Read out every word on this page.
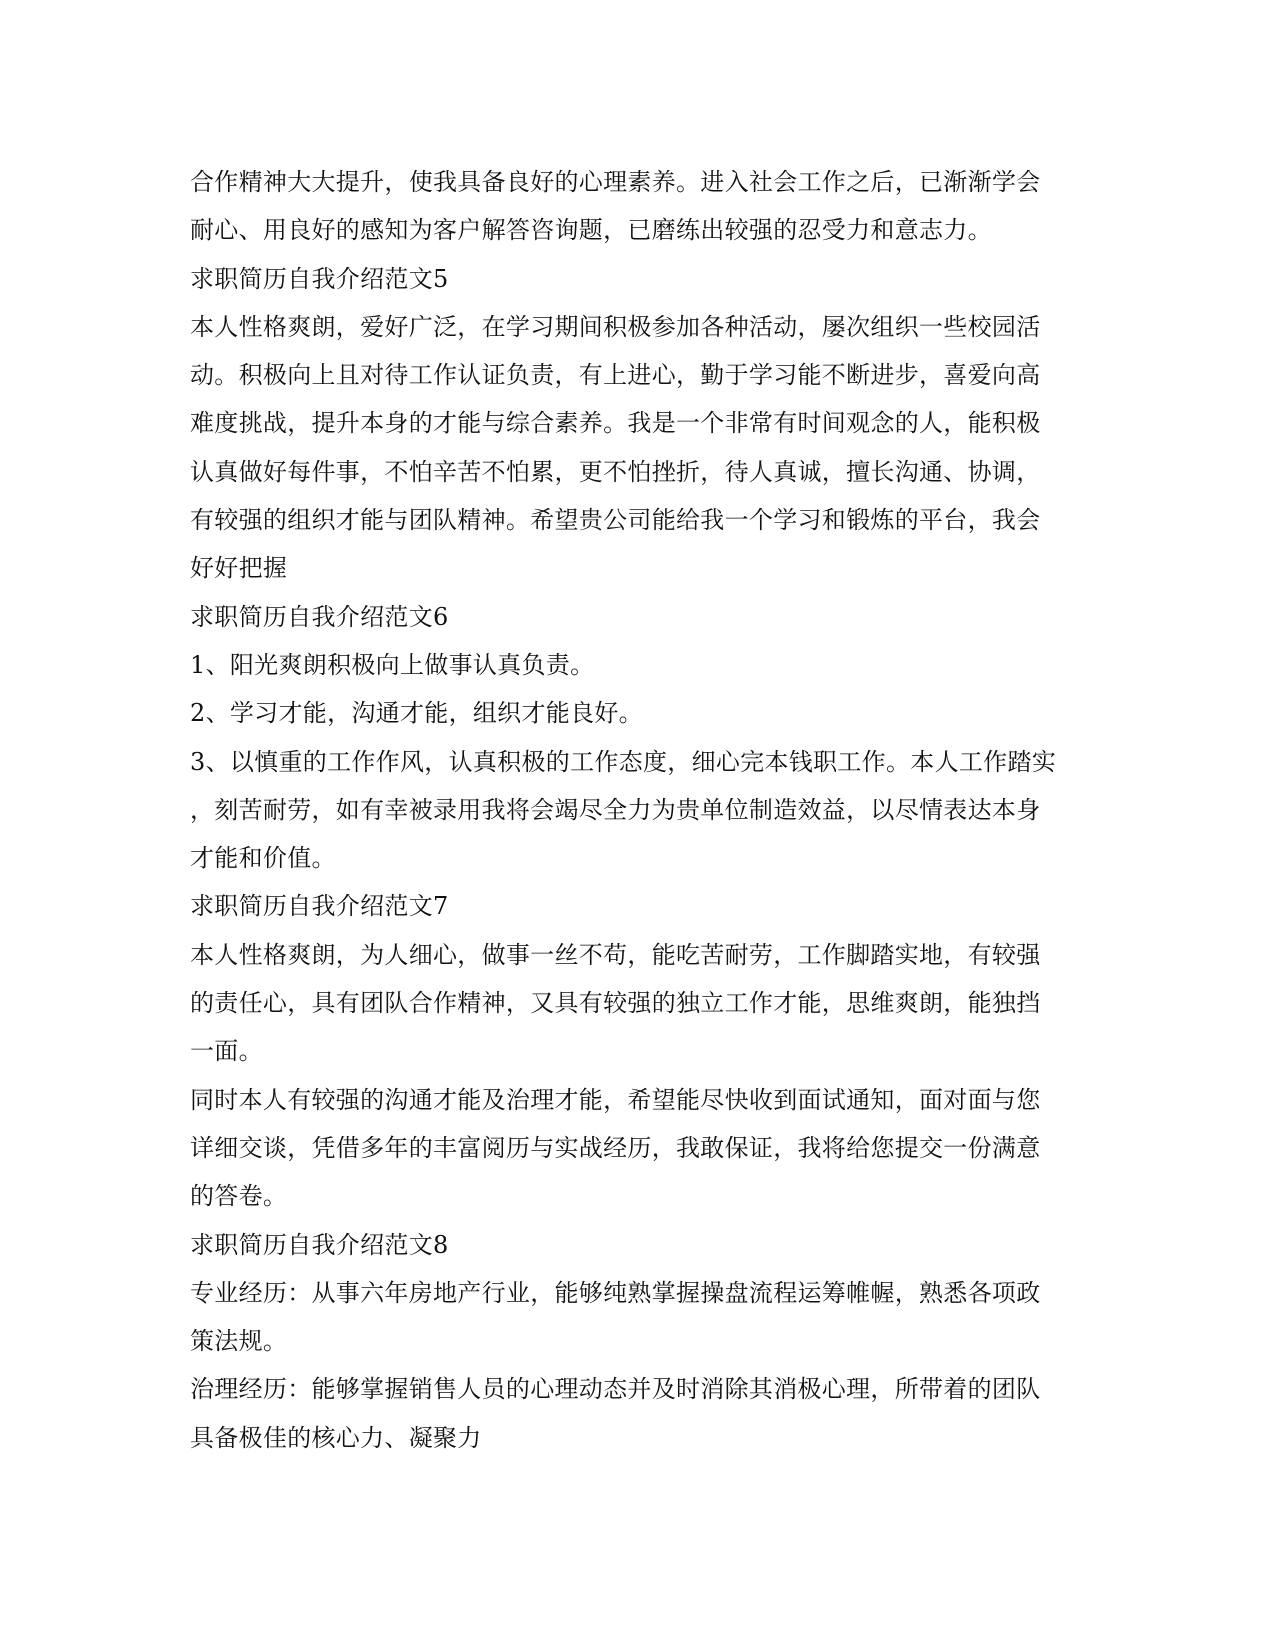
合作精神大大提升，使我具备良好的心理素养。进入社会工作之后，已渐渐学会
耐心、用良好的感知为客户解答咨询题，已磨练出较强的忍受力和意志力。
求职简历自我介绍范文5
本人性格爽朗，爱好广泛，在学习期间积极参加各种活动，屡次组织一些校园活
动。积极向上且对待工作认证负责，有上进心，勤于学习能不断进步，喜爱向高
难度挑战，提升本身的才能与综合素养。我是一个非常有时间观念的人，能积极
认真做好每件事，不怕辛苦不怕累，更不怕挫折，待人真诚，擅长沟通、协调，
有较强的组织才能与团队精神。希望贵公司能给我一个学习和锻炼的平台，我会
好好把握
求职简历自我介绍范文6
1、阳光爽朗积极向上做事认真负责。
2、学习才能，沟通才能，组织才能良好。
3、以慎重的工作作风，认真积极的工作态度，细心完本钱职工作。本人工作踏实
，刻苦耐劳，如有幸被录用我将会竭尽全力为贵单位制造效益，以尽情表达本身
才能和价值。
求职简历自我介绍范文7
本人性格爽朗，为人细心，做事一丝不苟，能吃苦耐劳，工作脚踏实地，有较强
的责任心，具有团队合作精神，又具有较强的独立工作才能，思维爽朗，能独挡
一面。
同时本人有较强的沟通才能及治理才能，希望能尽快收到面试通知，面对面与您
详细交谈，凭借多年的丰富阅历与实战经历，我敢保证，我将给您提交一份满意
的答卷。
求职简历自我介绍范文8
专业经历：从事六年房地产行业，能够纯熟掌握操盘流程运筹帷幄，熟悉各项政
策法规。
治理经历：能够掌握销售人员的心理动态并及时消除其消极心理，所带着的团队
具备极佳的核心力、凝聚力
